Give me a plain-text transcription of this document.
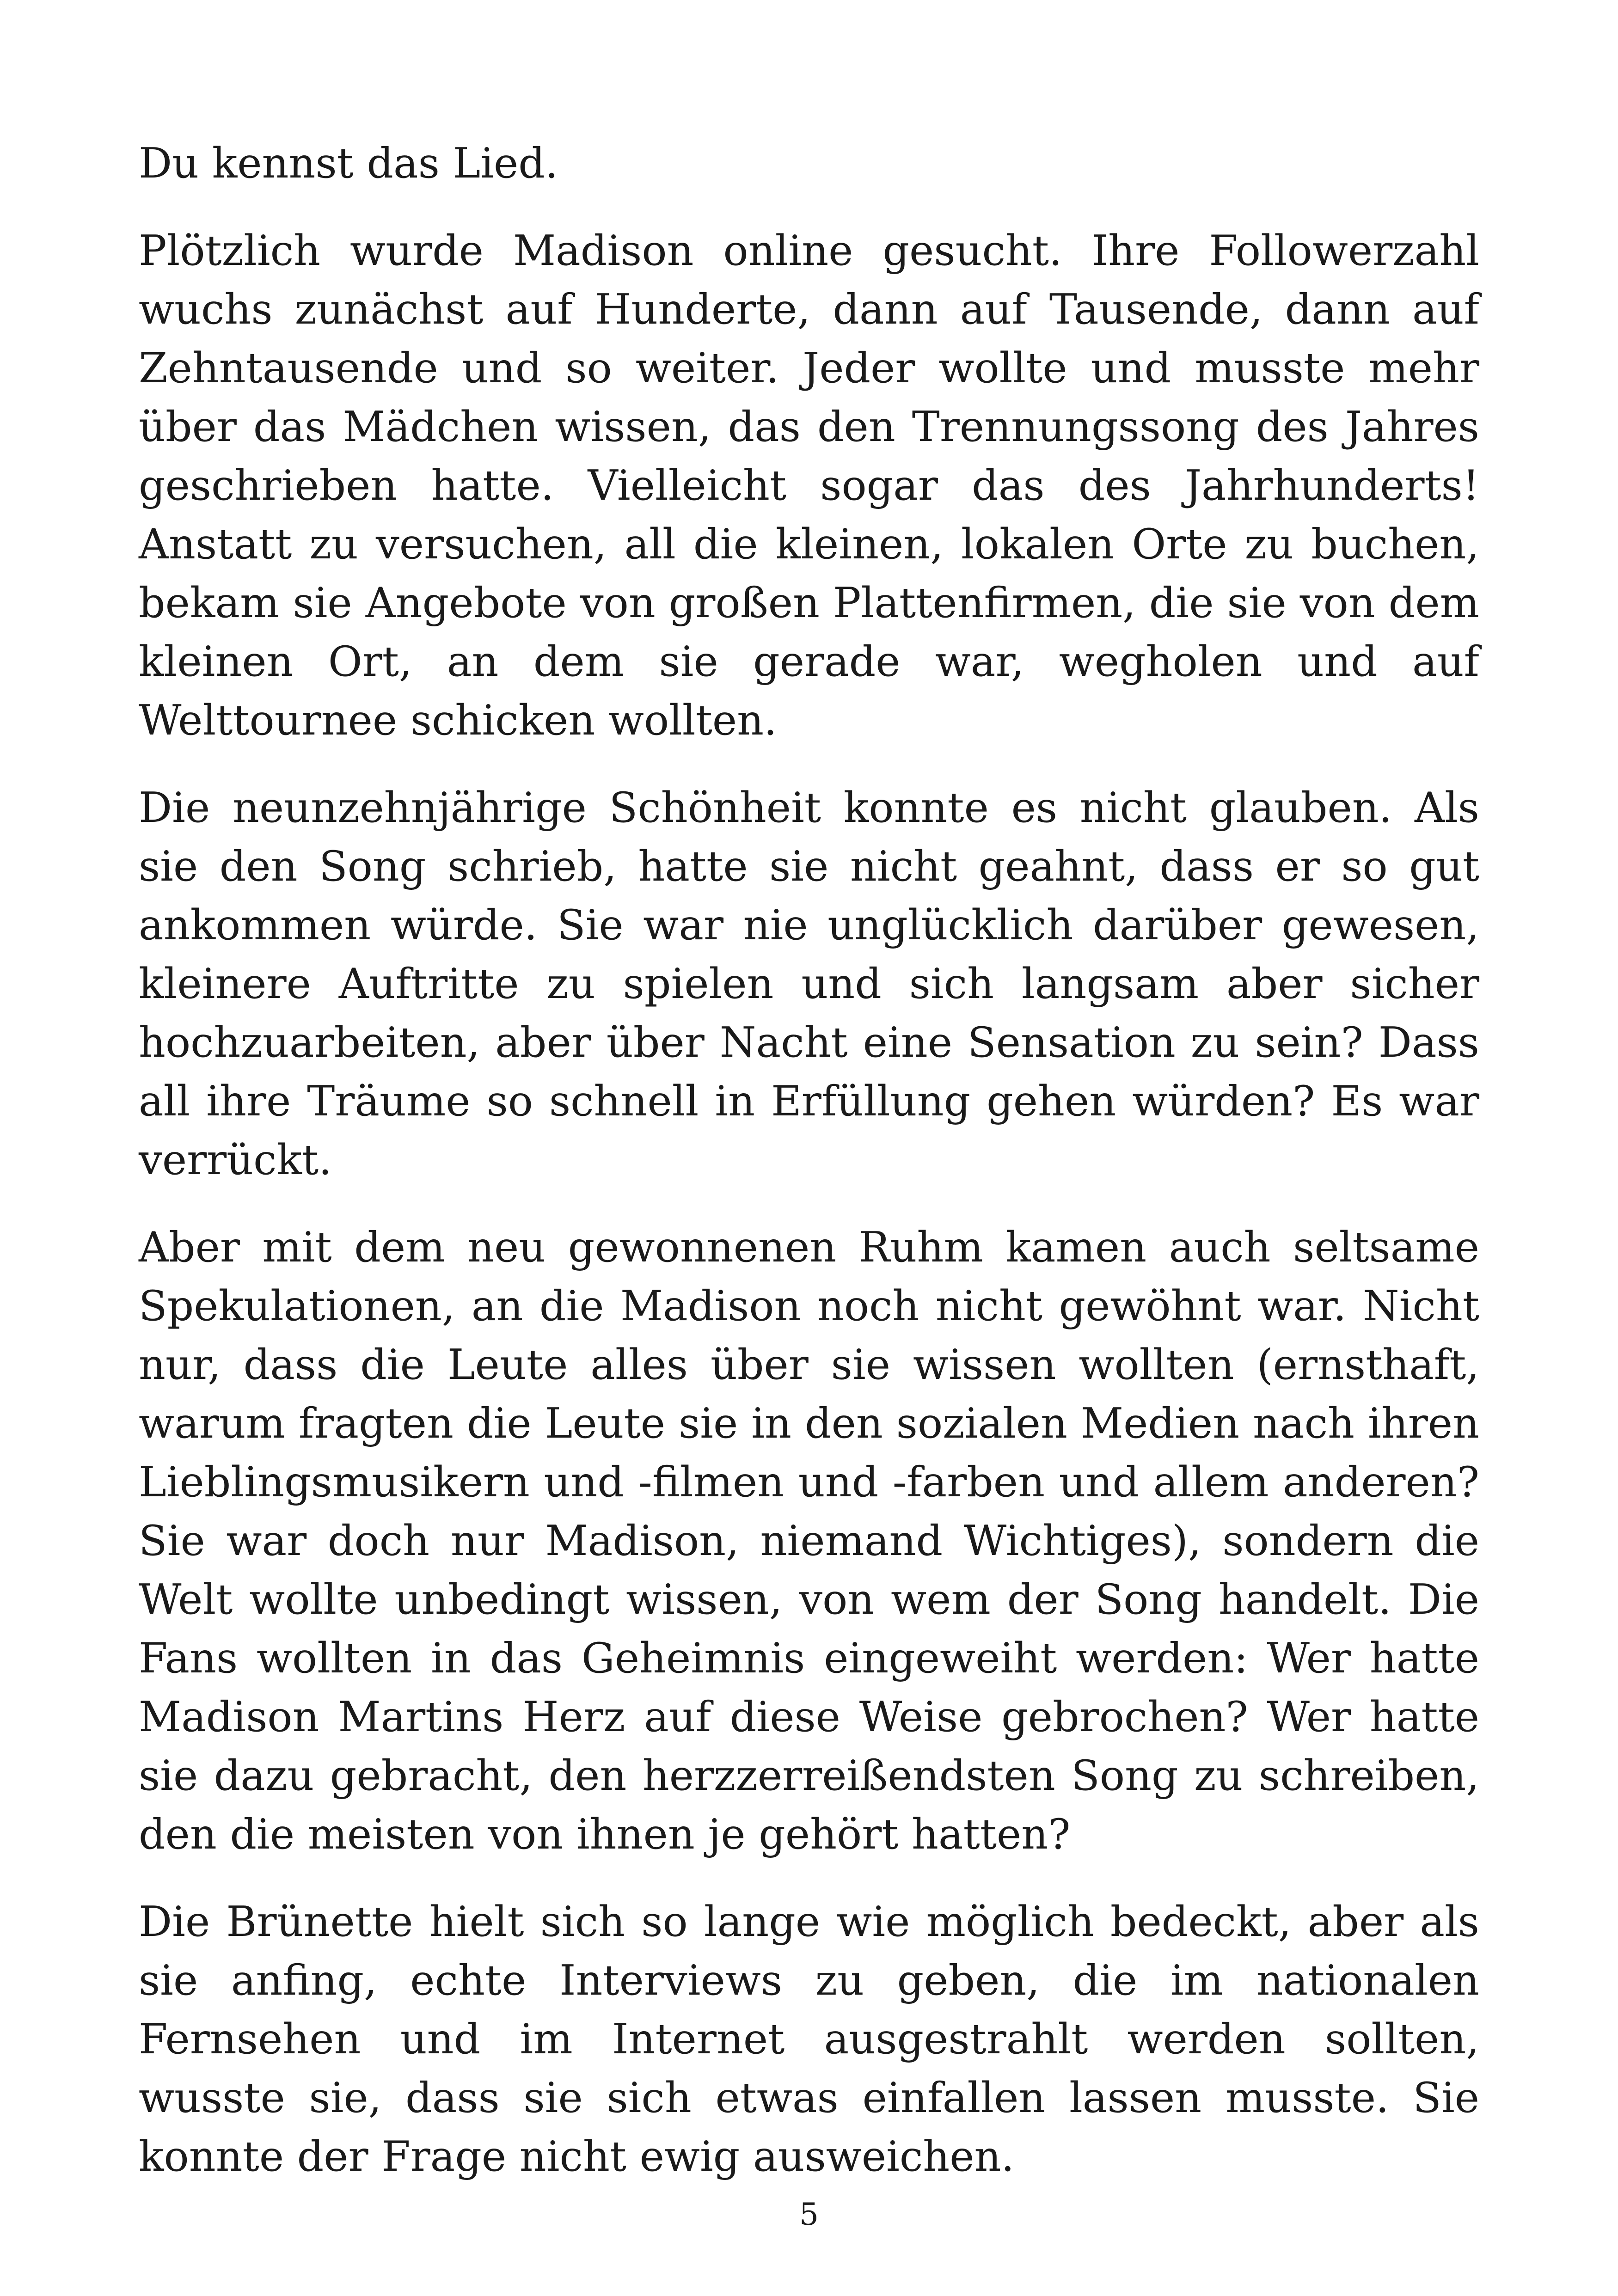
Du kennst das Lied.

Plötzlich wurde Madison online gesucht. Ihre Followerzahl wuchs zunächst auf Hunderte, dann auf Tausende, dann auf Zehntausende und so weiter. Jeder wollte und musste mehr über das Mädchen wissen, das den Trennungssong des Jahres geschrieben hatte. Vielleicht sogar das des Jahrhunderts! Anstatt zu versuchen, all die kleinen, lokalen Orte zu buchen, bekam sie Angebote von großen Plattenfirmen, die sie von dem kleinen Ort, an dem sie gerade war, wegholen und auf Welttournee schicken wollten.

Die neunzehnjährige Schönheit konnte es nicht glauben. Als sie den Song schrieb, hatte sie nicht geahnt, dass er so gut ankommen würde. Sie war nie unglücklich darüber gewesen, kleinere Auftritte zu spielen und sich langsam aber sicher hochzuarbeiten, aber über Nacht eine Sensation zu sein? Dass all ihre Träume so schnell in Erfüllung gehen würden? Es war verrückt.

Aber mit dem neu gewonnenen Ruhm kamen auch seltsame Spekulationen, an die Madison noch nicht gewöhnt war. Nicht nur, dass die Leute alles über sie wissen wollten (ernsthaft, warum fragten die Leute sie in den sozialen Medien nach ihren Lieblingsmusikern und -filmen und -farben und allem anderen? Sie war doch nur Madison, niemand Wichtiges), sondern die Welt wollte unbedingt wissen, von wem der Song handelt. Die Fans wollten in das Geheimnis eingeweiht werden: Wer hatte Madison Martins Herz auf diese Weise gebrochen? Wer hatte sie dazu gebracht, den herzzerreißendsten Song zu schreiben, den die meisten von ihnen je gehört hatten?

Die Brünette hielt sich so lange wie möglich bedeckt, aber als sie anfing, echte Interviews zu geben, die im nationalen Fernsehen und im Internet ausgestrahlt werden sollten, wusste sie, dass sie sich etwas einfallen lassen musste. Sie konnte der Frage nicht ewig ausweichen.

5
